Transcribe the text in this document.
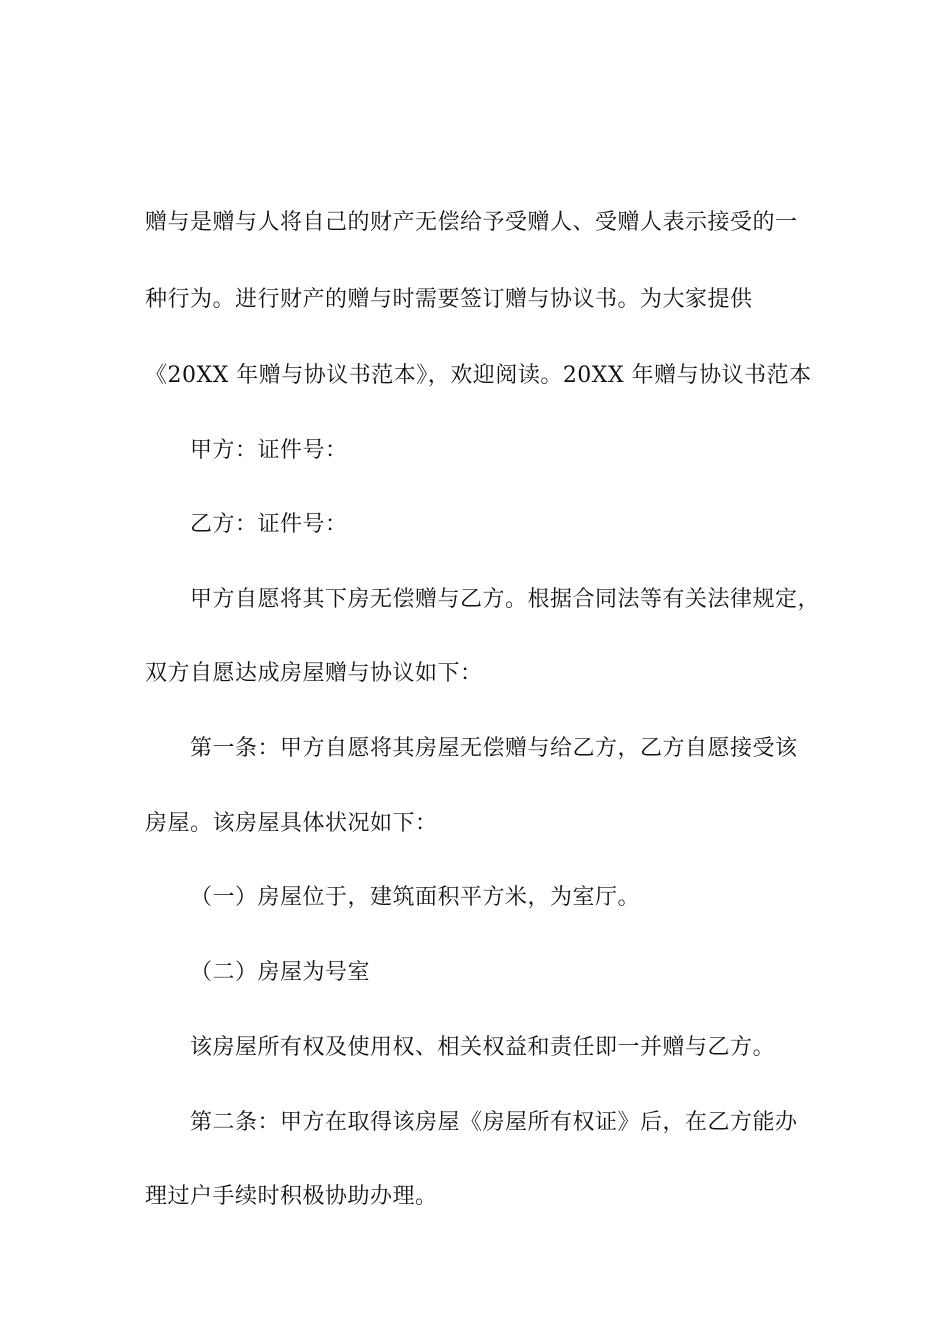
赠与是赠与人将自己的财产无偿给予受赠人、受赠人表示接受的一
种行为。进行财产的赠与时需要签订赠与协议书。为大家提供
《20XX 年赠与协议书范本》，欢迎阅读。20XX 年赠与协议书范本
甲方：证件号：
乙方：证件号：
甲方自愿将其下房无偿赠与乙方。根据合同法等有关法律规定，
双方自愿达成房屋赠与协议如下：
第一条：甲方自愿将其房屋无偿赠与给乙方，乙方自愿接受该
房屋。该房屋具体状况如下：
（一）房屋位于，建筑面积平方米，为室厅。
（二）房屋为号室
该房屋所有权及使用权、相关权益和责任即一并赠与乙方。
第二条：甲方在取得该房屋《房屋所有权证》后，在乙方能办
理过户手续时积极协助办理。
